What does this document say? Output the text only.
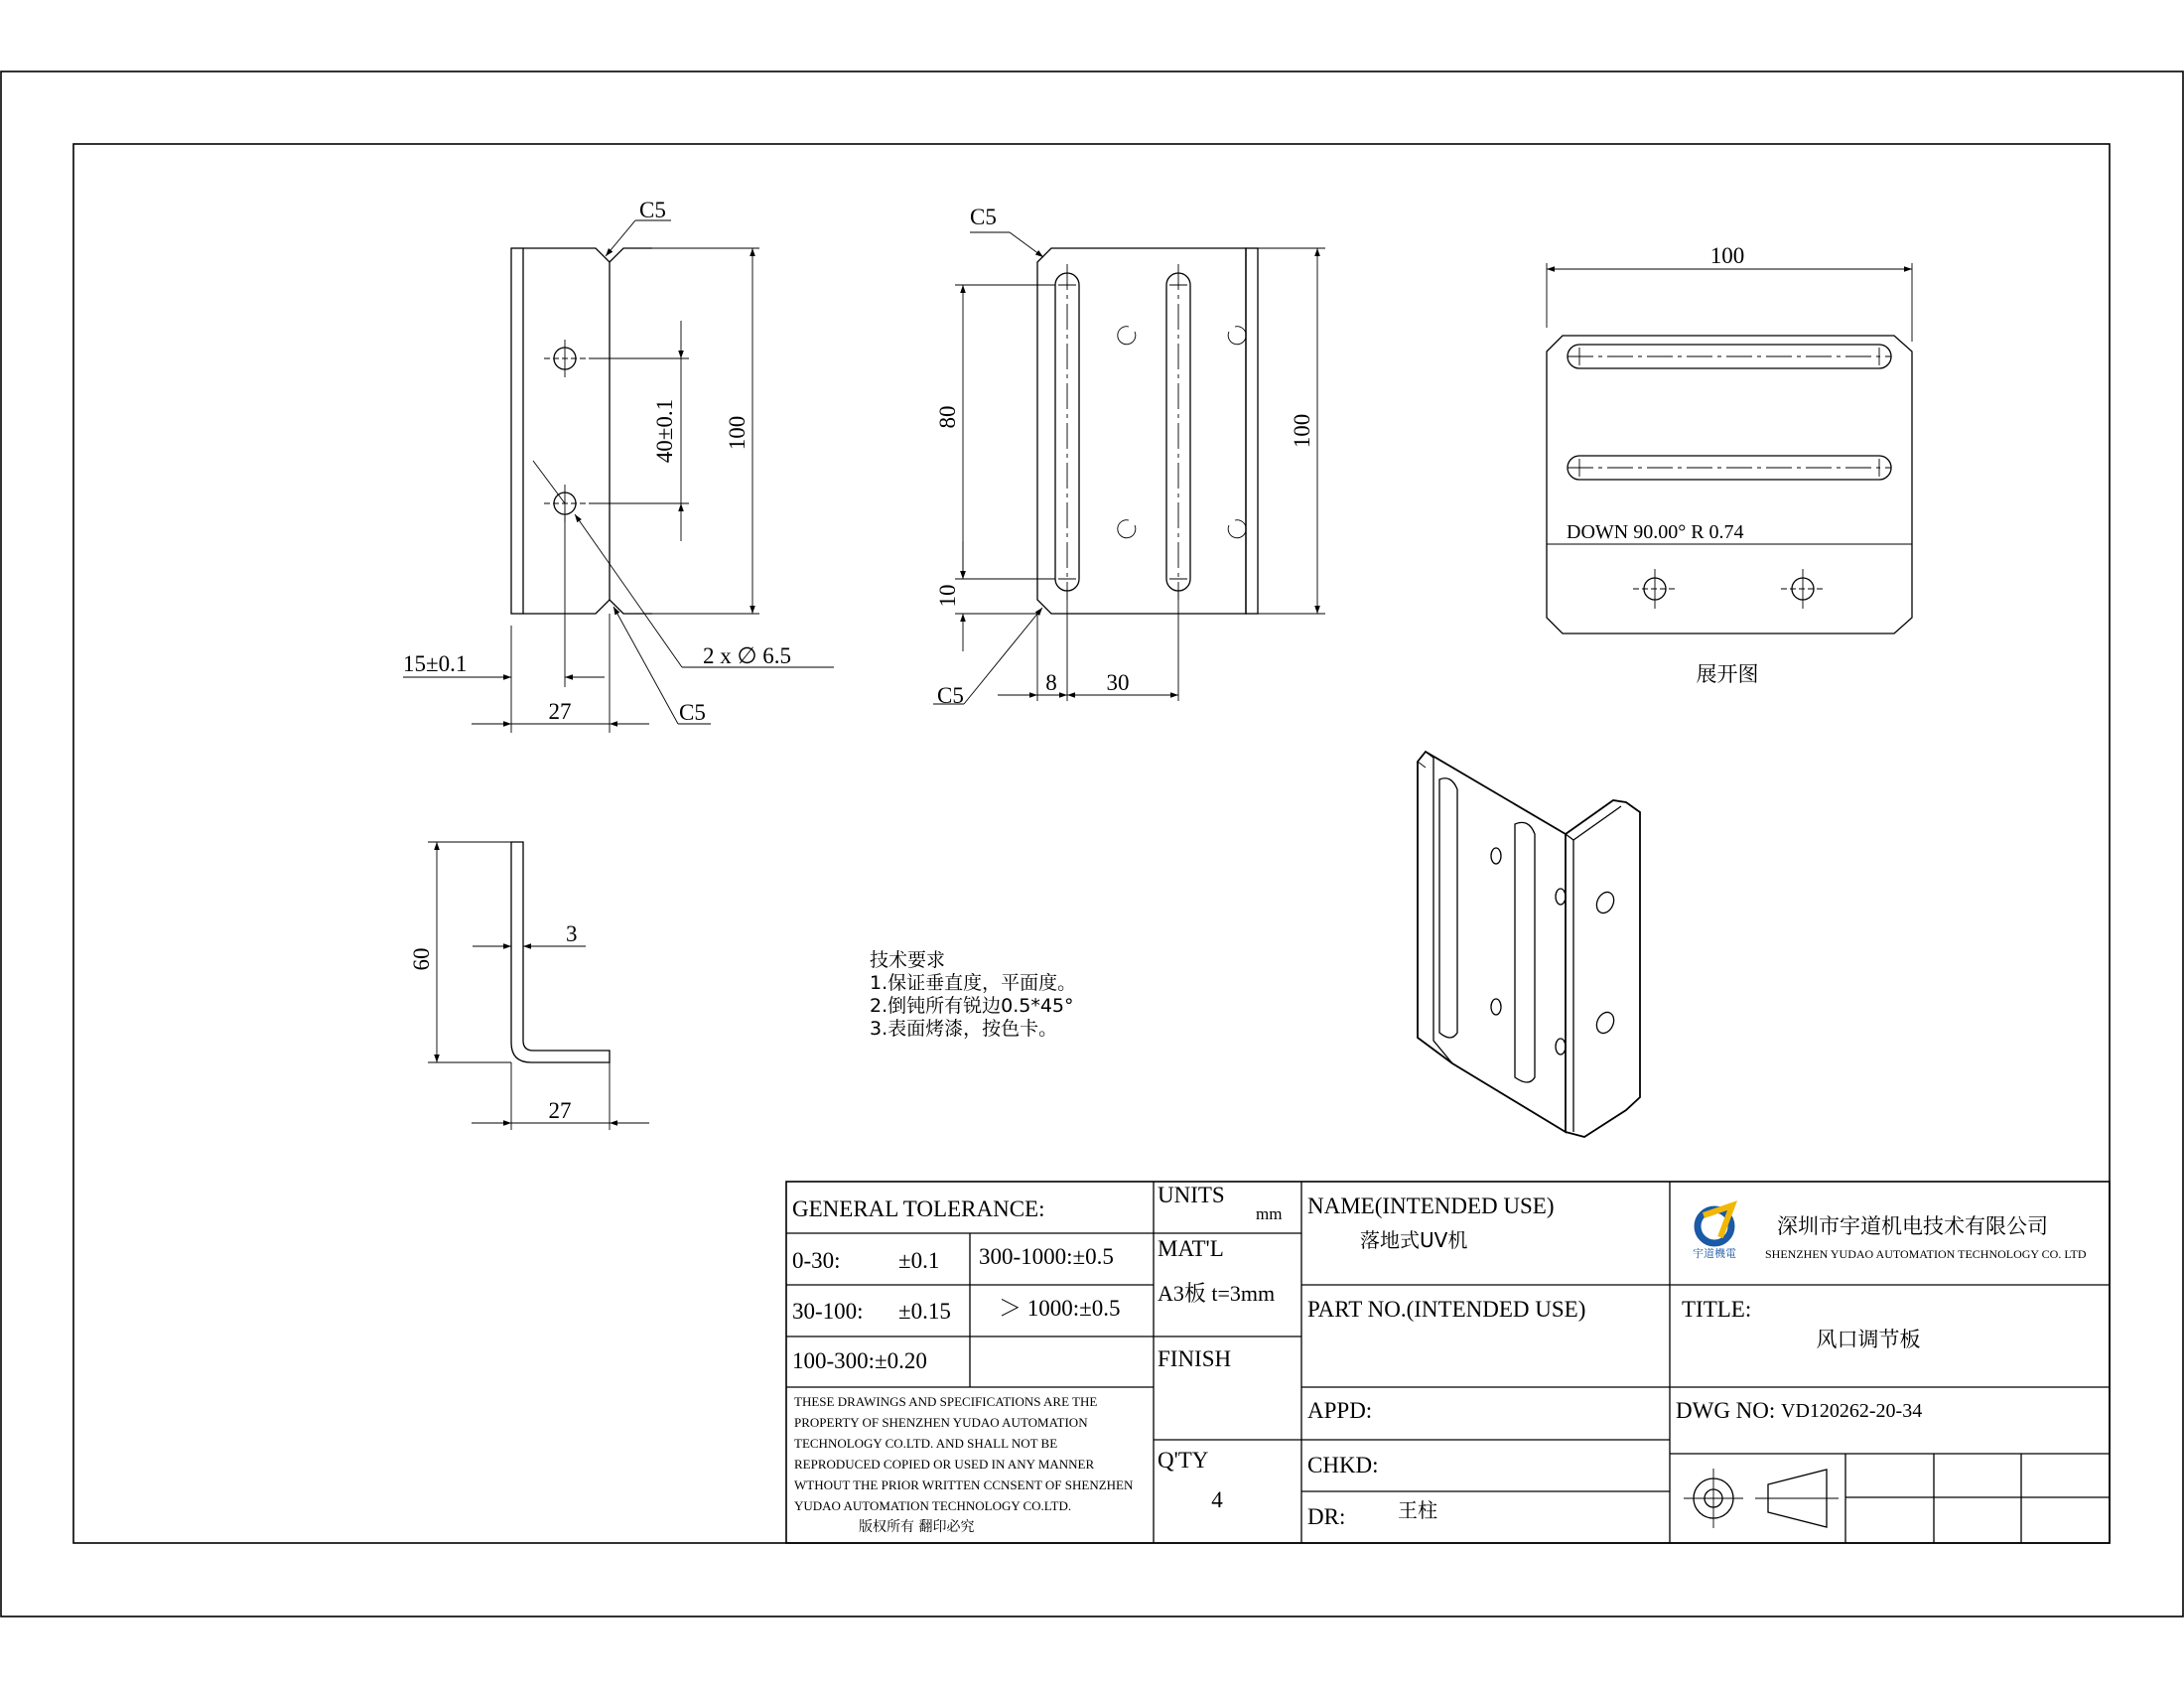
100
40±0.1
C5
2 x ∅ 6.5
C5
15±0.1
27
80
10
100
C5
C5
8 30
100
DOWN 90.00° R 0.74
展开图
60
3
27
技术要求
1.保证垂直度，平面度。
2.倒钝所有锐边0.5*45°
3.表面烤漆，按色卡。
GENERAL TOLERANCE:
0-30:	±0.1 300-1000:±0.5
30-100: ±0.15 ＞ 1000:±0.5
100-300:±0.20
THESE DRAWINGS AND SPECIFICATIONS ARE THE
PROPERTY OF SHENZHEN YUDAO AUTOMATION
TECHNOLOGY CO.LTD. AND SHALL NOT BE
REPRODUCED COPIED OR USED IN ANY MANNER
WTHOUT THE PRIOR WRITTEN CCNSENT OF SHENZHEN
YUDAO AUTOMATION TECHNOLOGY CO.LTD.
版权所有 翻印必究
UNITS
mm
MAT'L
A3板 t=3mm
FINISH
Q'TY
4
NAME(INTENDED USE)
落地式UV机
PART NO.(INTENDED USE)
APPD:
CHKD:
DR:	王柱
宇道機電
深圳市宇道机电技术有限公司
SHENZHEN YUDAO AUTOMATION TECHNOLOGY CO. LTD
TITLE:
风口调节板
DWG NO: VD120262-20-34
